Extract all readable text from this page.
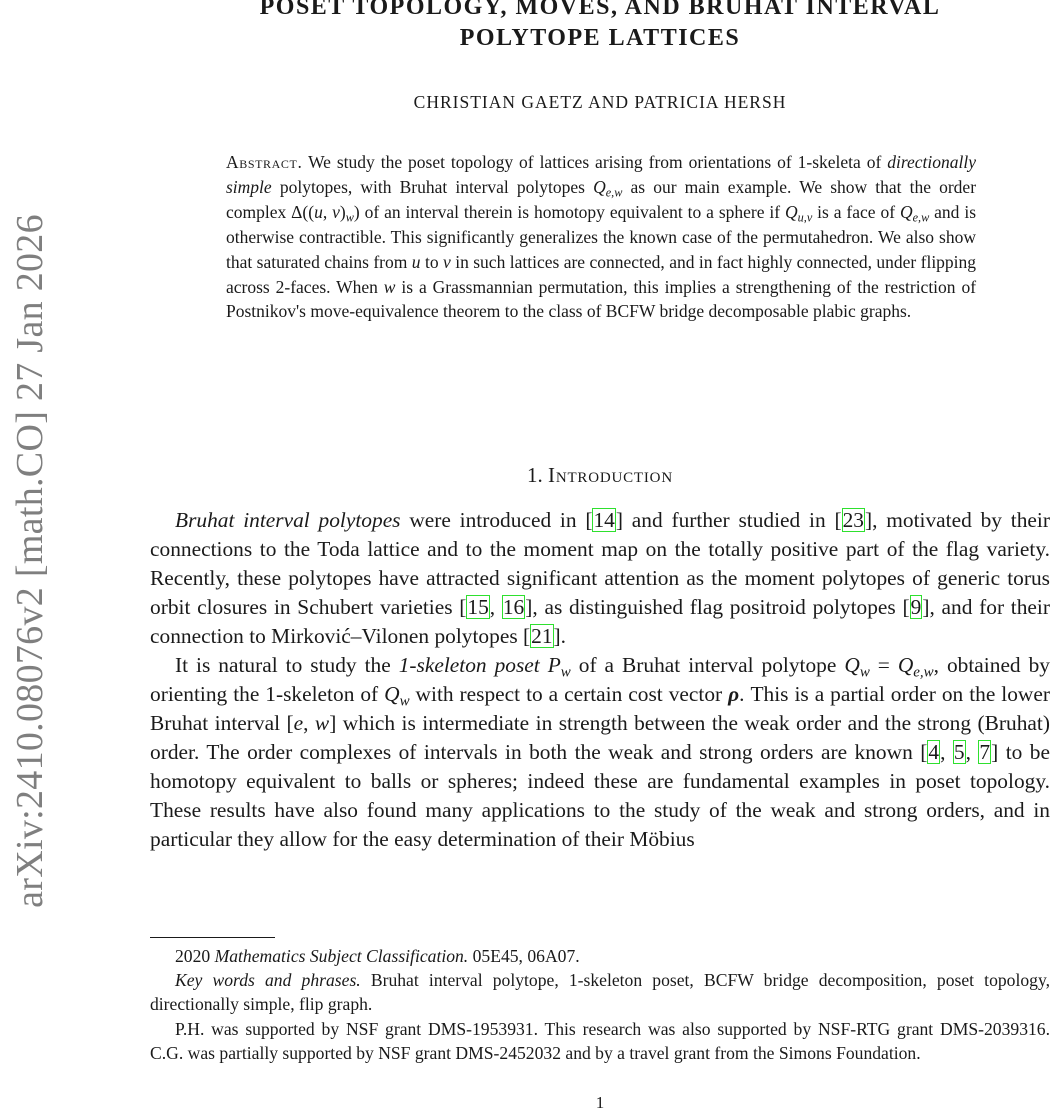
arXiv:2410.08076v2 [math.CO] 27 Jan 2026
POSET TOPOLOGY, MOVES, AND BRUHAT INTERVAL
POLYTOPE LATTICES
CHRISTIAN GAETZ AND PATRICIA HERSH
Abstract. We study the poset topology of lattices arising from orientations of 1-skeleta of directionally simple polytopes, with Bruhat interval polytopes $Q_{e,w}$ as our main example. We show that the order complex Δ((u, $v)_w$) of an interval therein is homotopy equivalent to a sphere if $Q_{u,v}$ is a face of $Q_{e,w}$ and is otherwise contractible. This significantly generalizes the known case of the permutahedron. We also show that saturated chains from u to v in such lattices are connected, and in fact highly connected, under flipping across 2-faces. When w is a Grassmannian permutation, this implies a strengthening of the restriction of Postnikov's move-equivalence theorem to the class of BCFW bridge decomposable plabic graphs.
1. Introduction

Bruhat interval polytopes were introduced in [14] and further studied in [23], motivated by their connections to the Toda lattice and to the moment map on the totally positive part of the flag variety. Recently, these polytopes have attracted significant attention as the moment polytopes of generic torus orbit closures in Schubert varieties [15, 16], as distinguished flag positroid polytopes [9], and for their connection to Mirković–Vilonen polytopes [21].

It is natural to study the 1-skeleton poset $P_w$ of a Bruhat interval polytope $Q_w = Q_{e,w}$, obtained by orienting the 1-skeleton of $Q_w$ with respect to a certain cost vector ρ. This is a partial order on the lower Bruhat interval [e, w] which is intermediate in strength between the weak order and the strong (Bruhat) order. The order complexes of intervals in both the weak and strong orders are known [4, 5, 7] to be homotopy equivalent to balls or spheres; indeed these are fundamental examples in poset topology. These results have also found many applications to the study of the weak and strong orders, and in particular they allow for the easy determination of their Möbius

2020 Mathematics Subject Classification. 05E45, 06A07.

Key words and phrases. Bruhat interval polytope, 1-skeleton poset, BCFW bridge decomposition, poset topology, directionally simple, flip graph.

P.H. was supported by NSF grant DMS-1953931. This research was also supported by NSF-RTG grant DMS-2039316. C.G. was partially supported by NSF grant DMS-2452032 and by a travel grant from the Simons Foundation.

1
